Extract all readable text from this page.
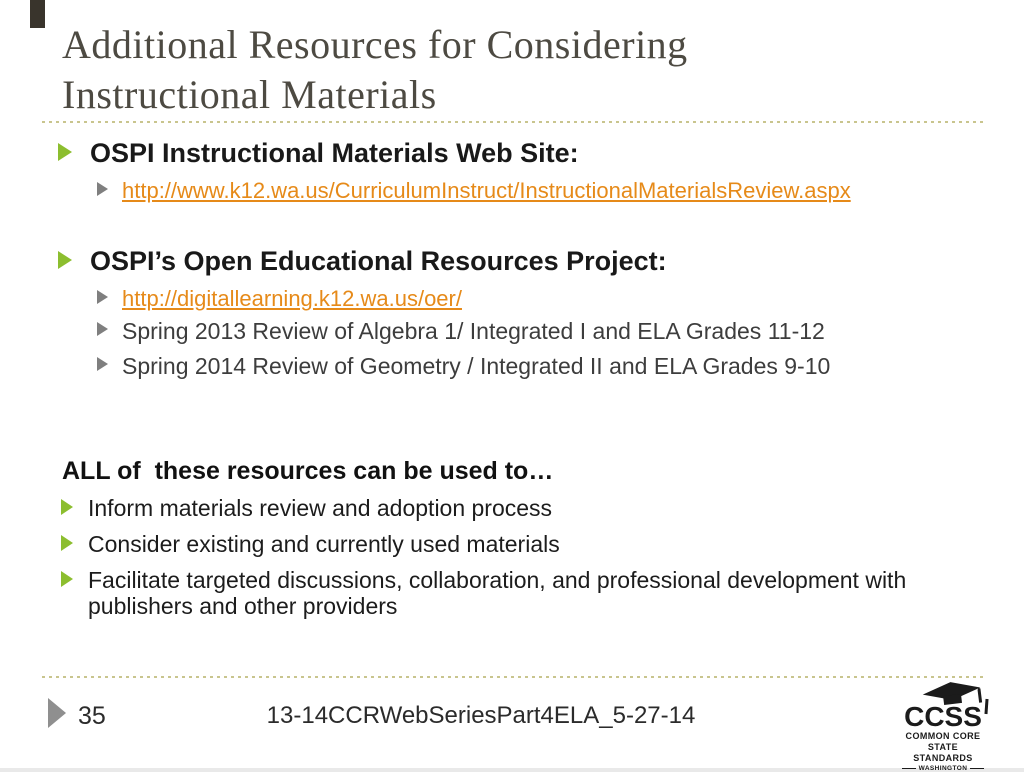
Additional Resources for Considering
Instructional Materials
OSPI Instructional Materials Web Site:
http://www.k12.wa.us/CurriculumInstruct/InstructionalMaterialsReview.aspx
OSPI’s Open Educational Resources Project:
http://digitallearning.k12.wa.us/oer/
Spring 2013 Review of Algebra 1/ Integrated I and ELA Grades 11-12
Spring 2014 Review of Geometry / Integrated II and ELA Grades 9-10
ALL of  these resources can be used to…
Inform materials review and adoption process
Consider existing and currently used materials
Facilitate targeted discussions, collaboration, and professional development with publishers and other providers
35	13-14CCRWebSeriesPart4ELA_5-27-14	CCSS
COMMON CORE
STATE STANDARDS
WASHINGTON
